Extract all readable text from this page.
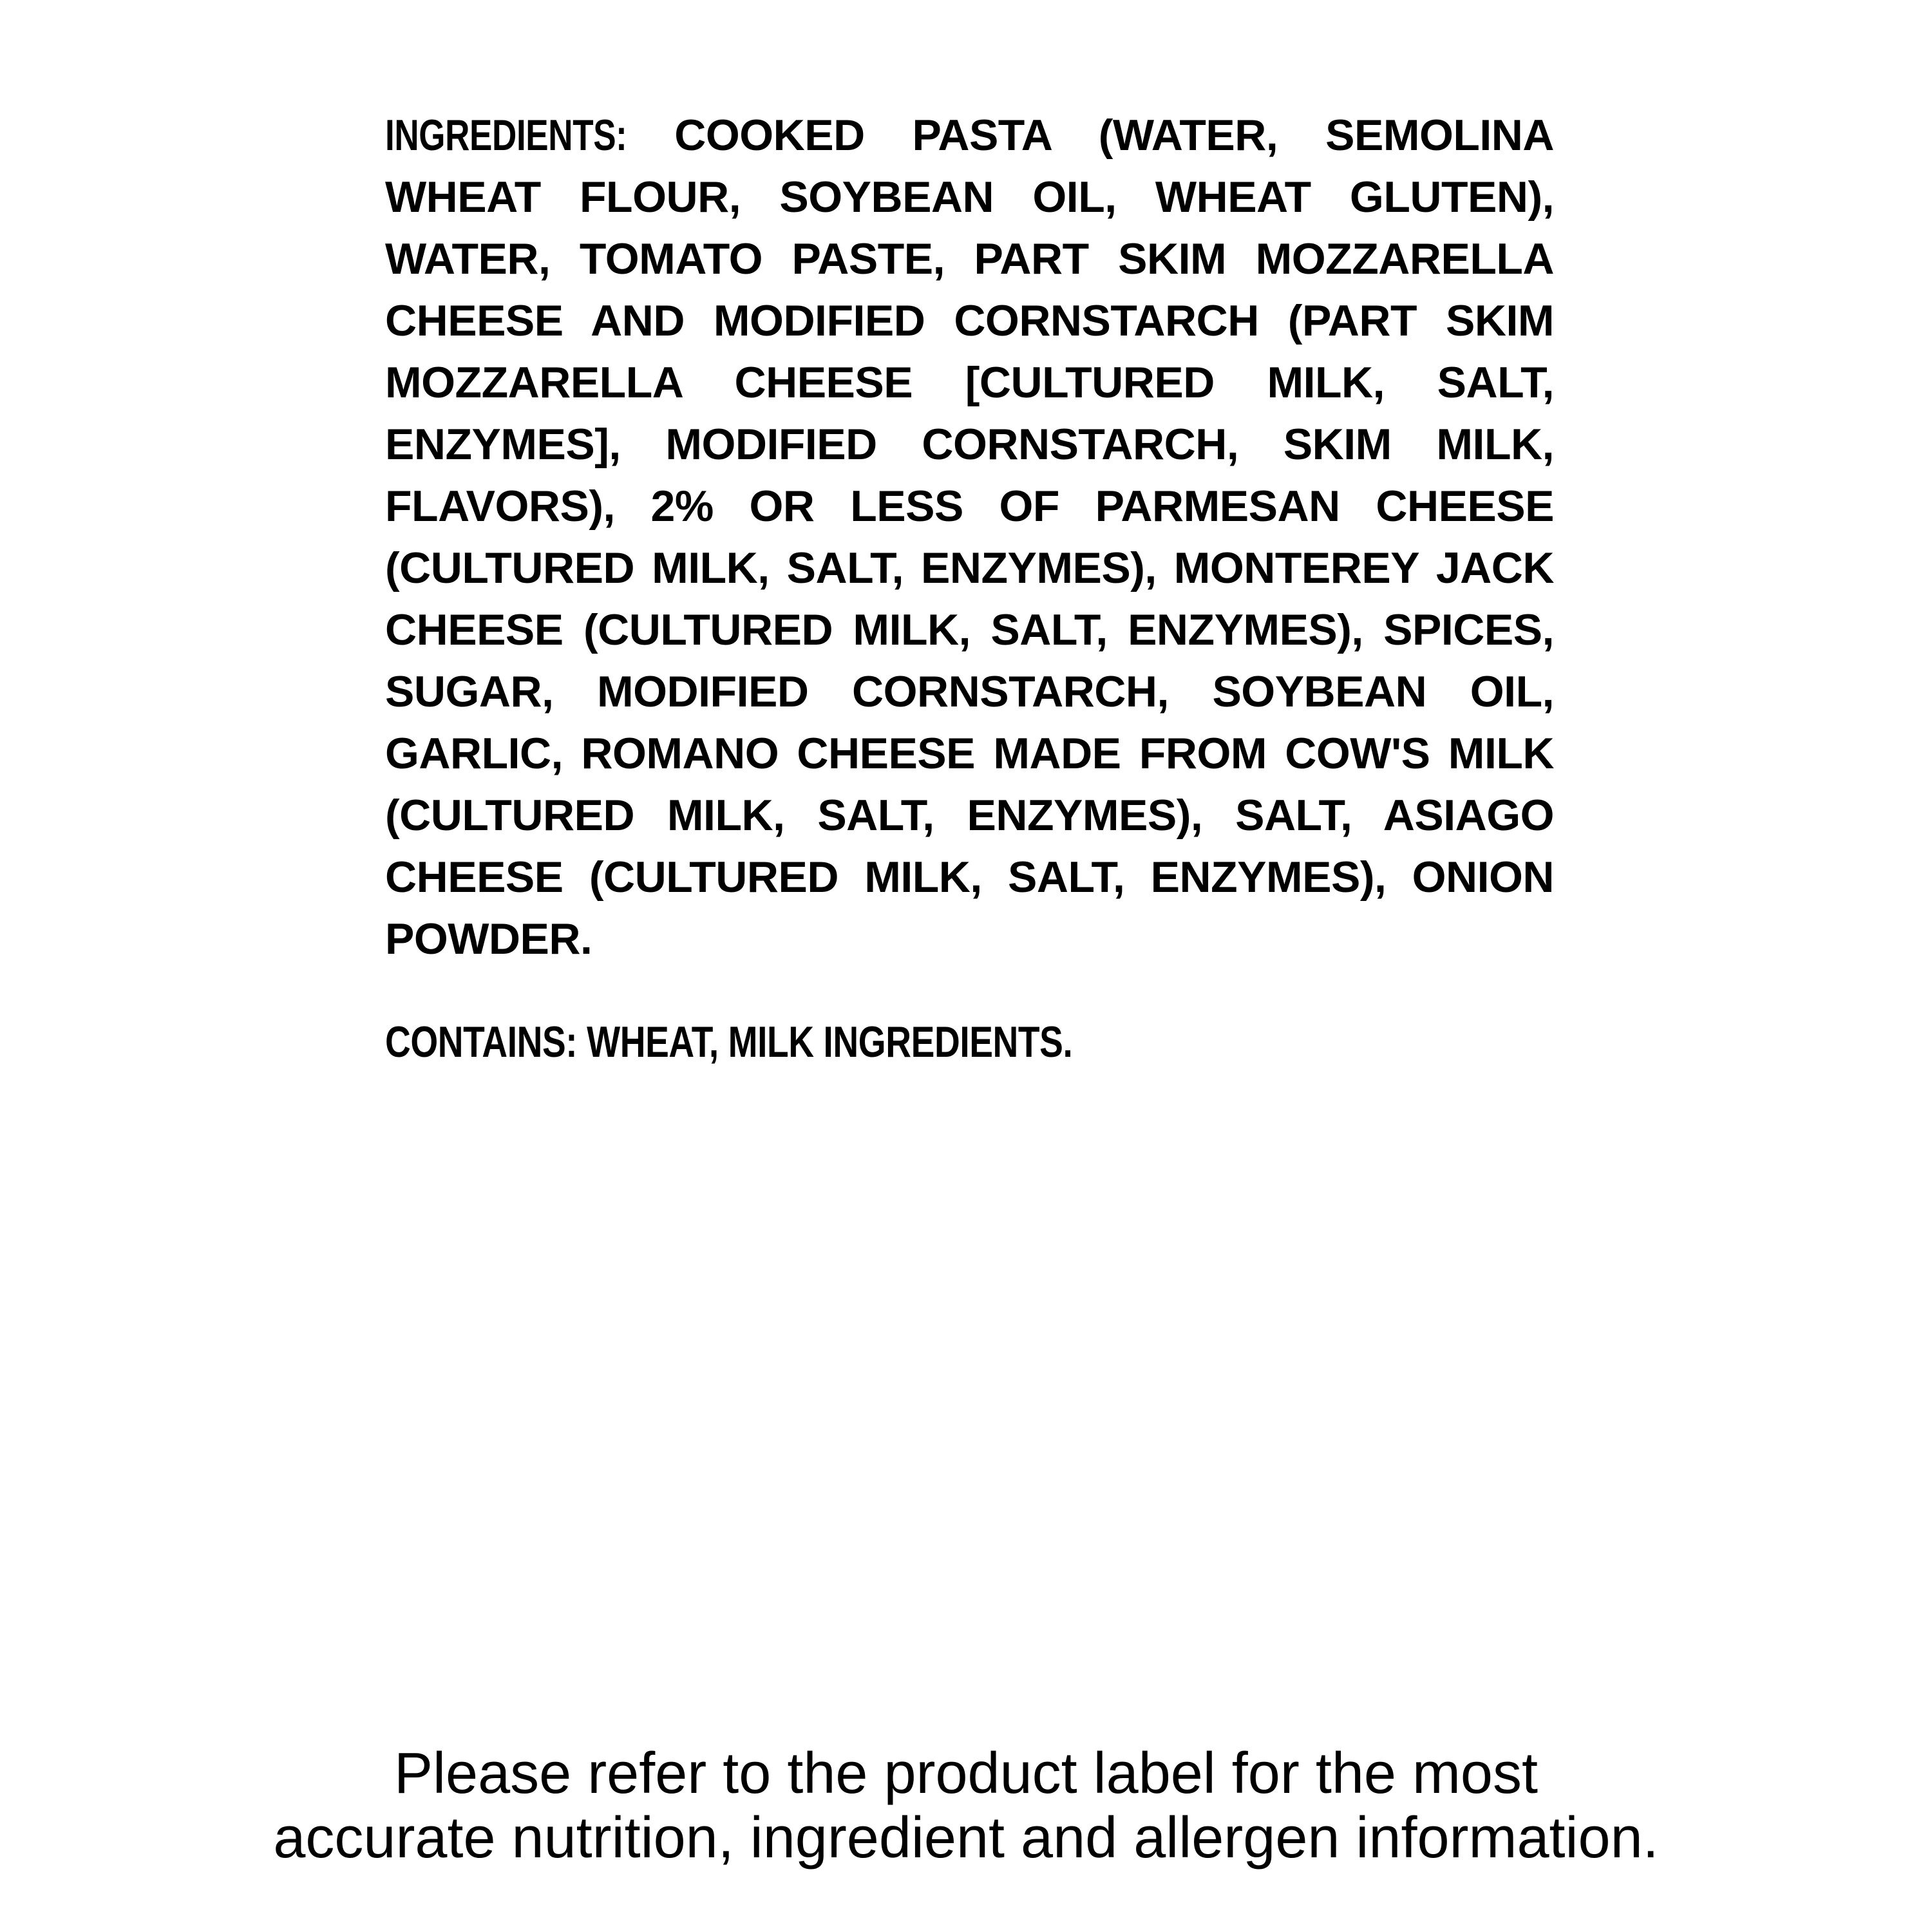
INGREDIENTS: COOKED PASTA (WATER, SEMOLINA
WHEAT FLOUR, SOYBEAN OIL, WHEAT GLUTEN),
WATER, TOMATO PASTE, PART SKIM MOZZARELLA
CHEESE AND MODIFIED CORNSTARCH (PART SKIM
MOZZARELLA CHEESE [CULTURED MILK, SALT,
ENZYMES], MODIFIED CORNSTARCH, SKIM MILK,
FLAVORS), 2% OR LESS OF PARMESAN CHEESE
(CULTURED MILK, SALT, ENZYMES), MONTEREY JACK
CHEESE (CULTURED MILK, SALT, ENZYMES), SPICES,
SUGAR, MODIFIED CORNSTARCH, SOYBEAN OIL,
GARLIC, ROMANO CHEESE MADE FROM COW'S MILK
(CULTURED MILK, SALT, ENZYMES), SALT, ASIAGO
CHEESE (CULTURED MILK, SALT, ENZYMES), ONION
POWDER.
CONTAINS: WHEAT, MILK INGREDIENTS.
Please refer to the product label for the most
accurate nutrition, ingredient and allergen information.
